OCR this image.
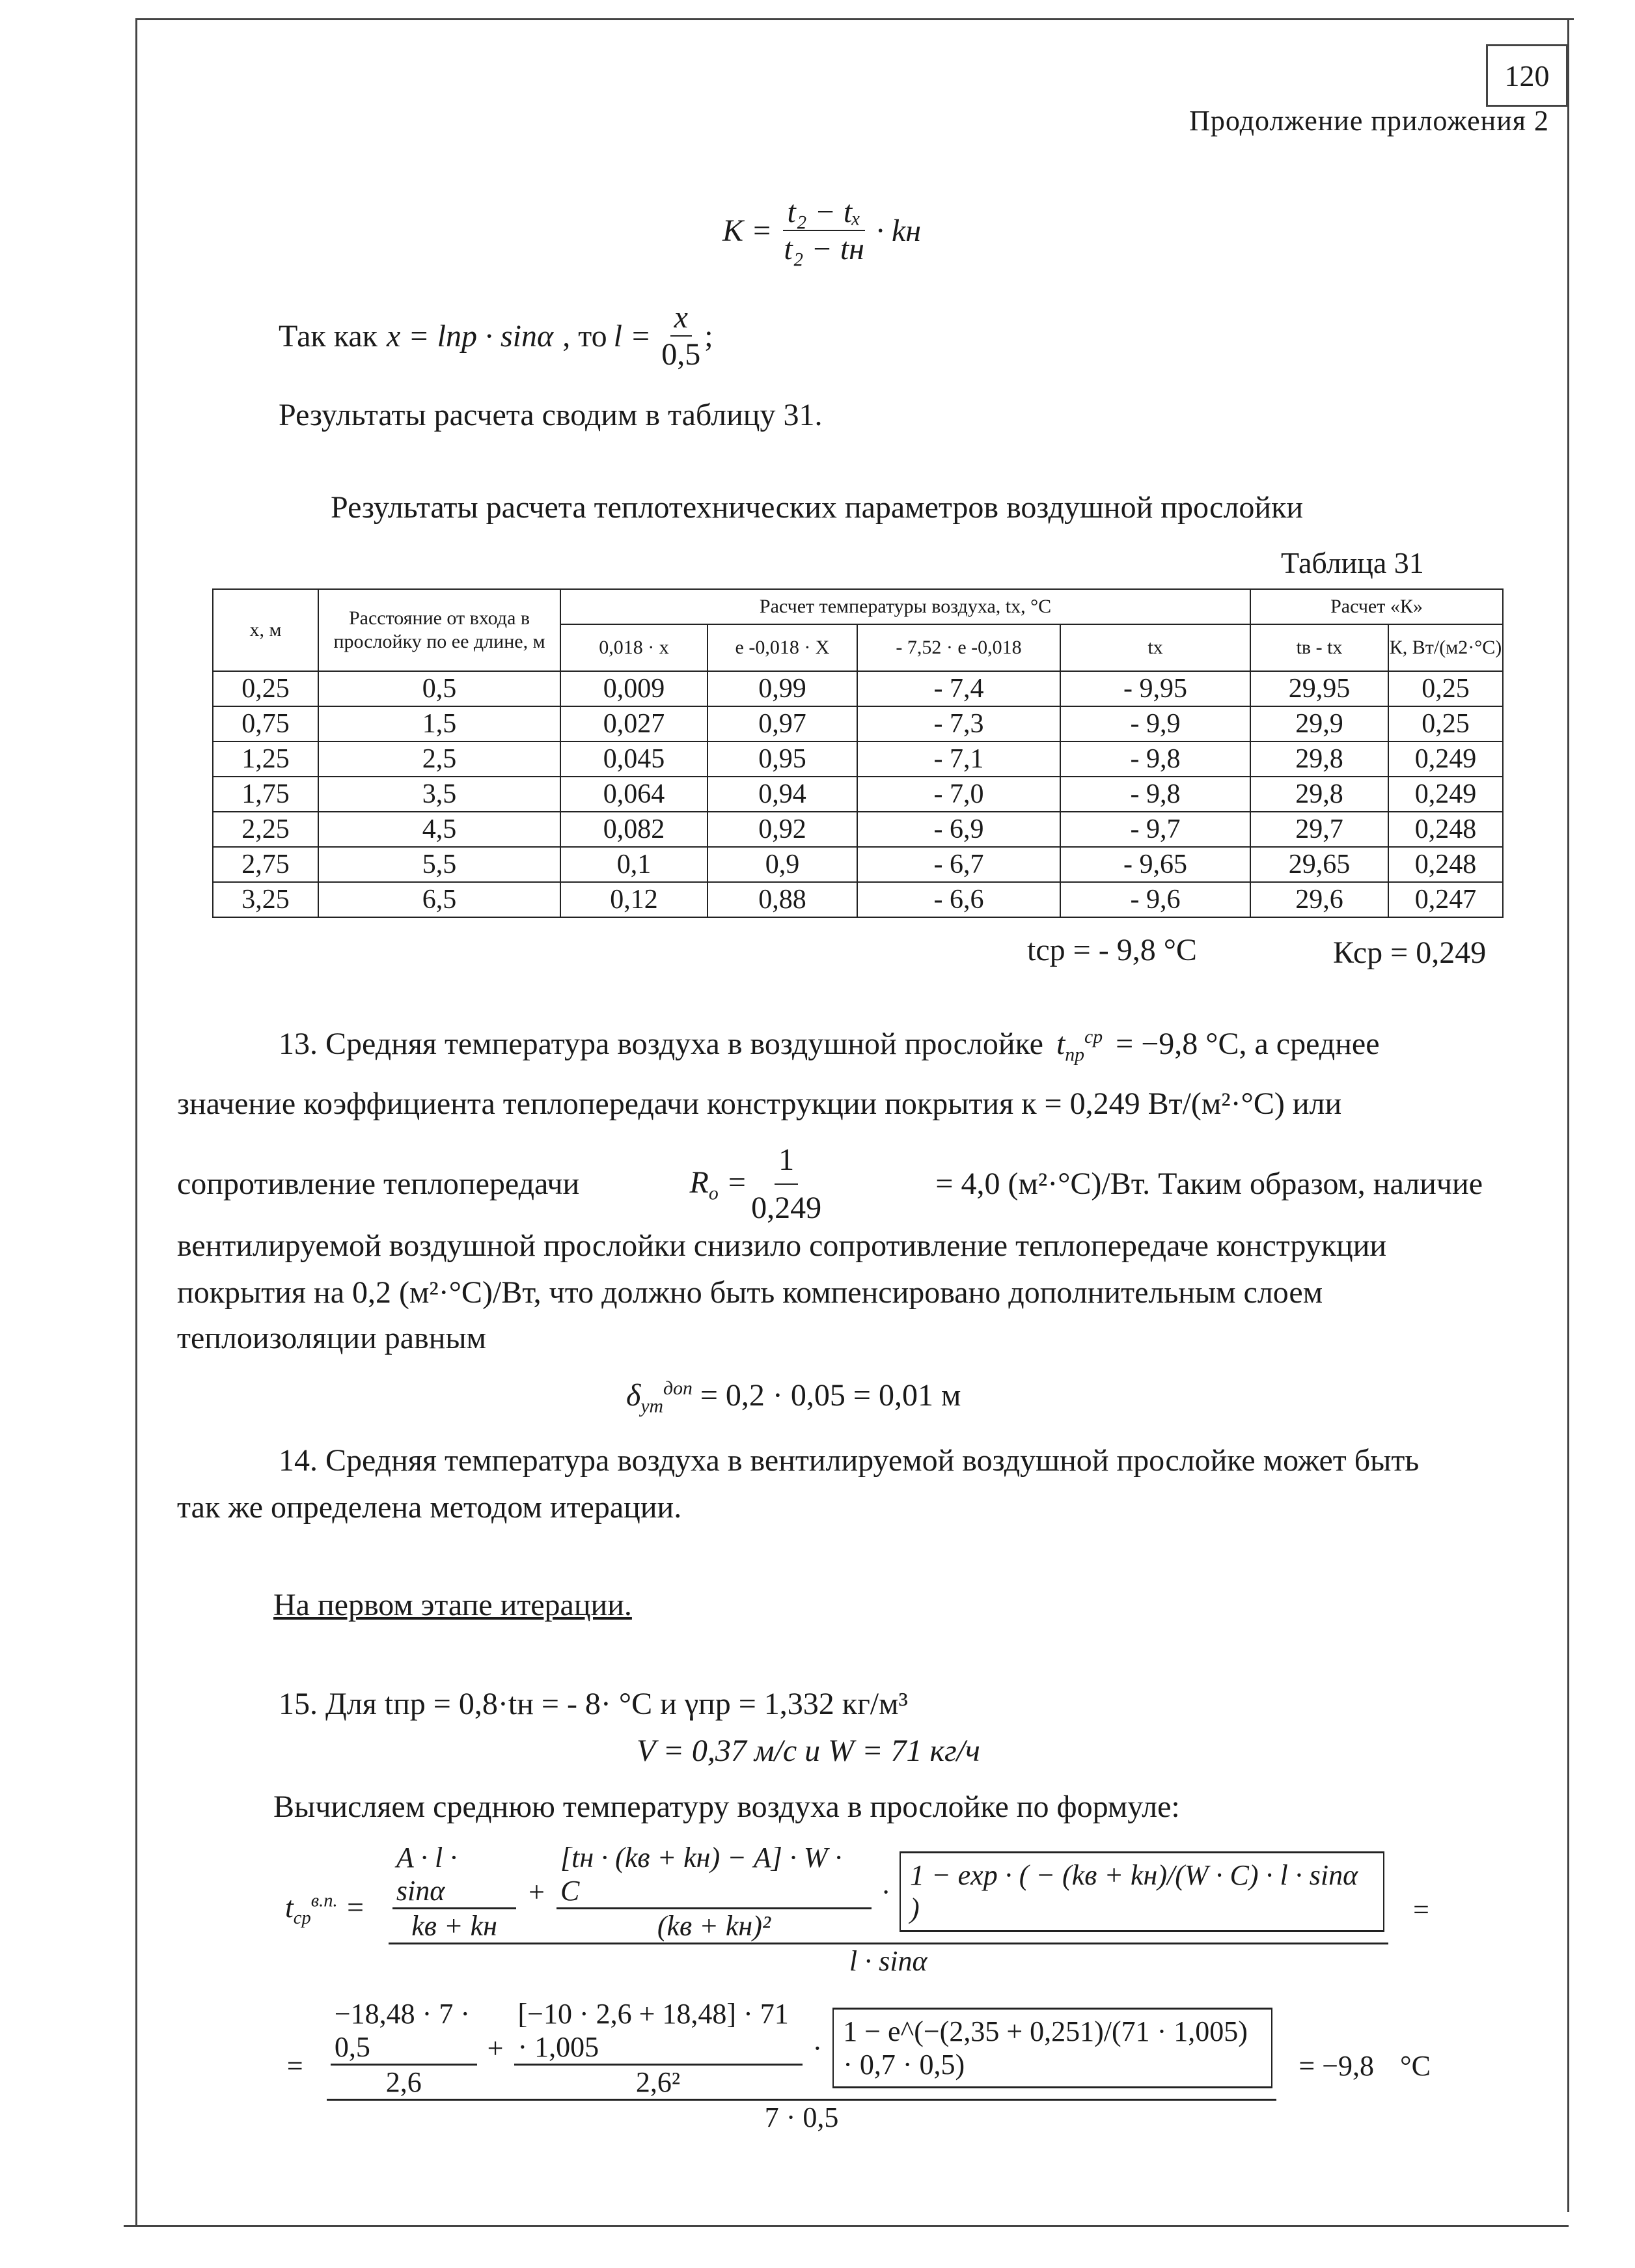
120
Продолжение приложения 2
$K = \frac{\text{t₂ − tₓ}}{\text{t₂ − tн}}$ · kн
Так как x = lпр · sinα , то $l = \frac{x}{0,5}$ ;
Результаты расчета сводим в таблицу 31.
Результаты расчета теплотехнических параметров воздушной прослойки
Таблица 31
x, м	Расстояние от входа в прослойку по ее длине, м	Расчет температуры воздуха, tx, °C				Расчет «К»	
		0,018 · x	e -0,018 · X	- 7,52 · e -0,018	tx	tв - tx	К, Вт/(м2·°С)
0,25	0,5	0,009	0,99	- 7,4	- 9,95	29,95	0,25
0,75	1,5	0,027	0,97	- 7,3	- 9,9	29,9	0,25
1,25	2,5	0,045	0,95	- 7,1	- 9,8	29,8	0,249
1,75	3,5	0,064	0,94	- 7,0	- 9,8	29,8	0,249
2,25	4,5	0,082	0,92	- 6,9	- 9,7	29,7	0,248
2,75	5,5	0,1	0,9	- 6,7	- 9,65	29,65	0,248
3,25	6,5	0,12	0,88	- 6,6	- 9,6	29,6	0,247
tср = - 9,8 °С	Кср = 0,249
13. Средняя температура воздуха в воздушной прослойке $t_{пр}^{ср} = -9,8$ °С, а среднее
значение коэффициента теплопередачи конструкции покрытия к = 0,249 Вт/(м²·°С) или
сопротивление теплопередачи	$R_o = \frac{1}{0,249}$	= 4,0 (м²·°С)/Вт. Таким образом, наличие
вентилируемой воздушной прослойки снизило сопротивление теплопередаче конструкции
покрытия на 0,2 (м²·°С)/Вт, что должно быть компенсировано дополнительным слоем
теплоизоляции равным
$\delta_{ут}^{доп} = 0,2 \cdot 0,05 = 0,01$ м
14. Средняя температура воздуха в вентилируемой воздушной прослойке может быть
так же определена методом итерации.
На первом этапе итерации.
15. Для tпр = 0,8·tн = - 8· °С и γпр = 1,332 кг/м³
V = 0,37 м/с и W = 71 кг/ч
Вычисляем среднюю температуру воздуха в прослойке по формуле:
$t_{ср}^{в.п.} = \frac{A \cdot l \cdot \sin\alpha}{kв + kн} + \frac{[tн \cdot (kв + kн) - A] \cdot W \cdot C}{\text{(kв + kн)²}}$ ·
1 − exp · ( − (kв + kн)/(W · C) · l · sinα )
l · sinα
=
= $\frac{-18,48 \cdot 7 \cdot 0,5}{2,6} + \frac{[-10 \cdot 2,6 + 18,48] \cdot 71 \cdot 1,005}{\text{2,6²}}$ ·
1 − e^(−(2,35 + 0,251)/(71 · 1,005) · 0,7 · 0,5)
7 · 0,5
= −9,8 °С
